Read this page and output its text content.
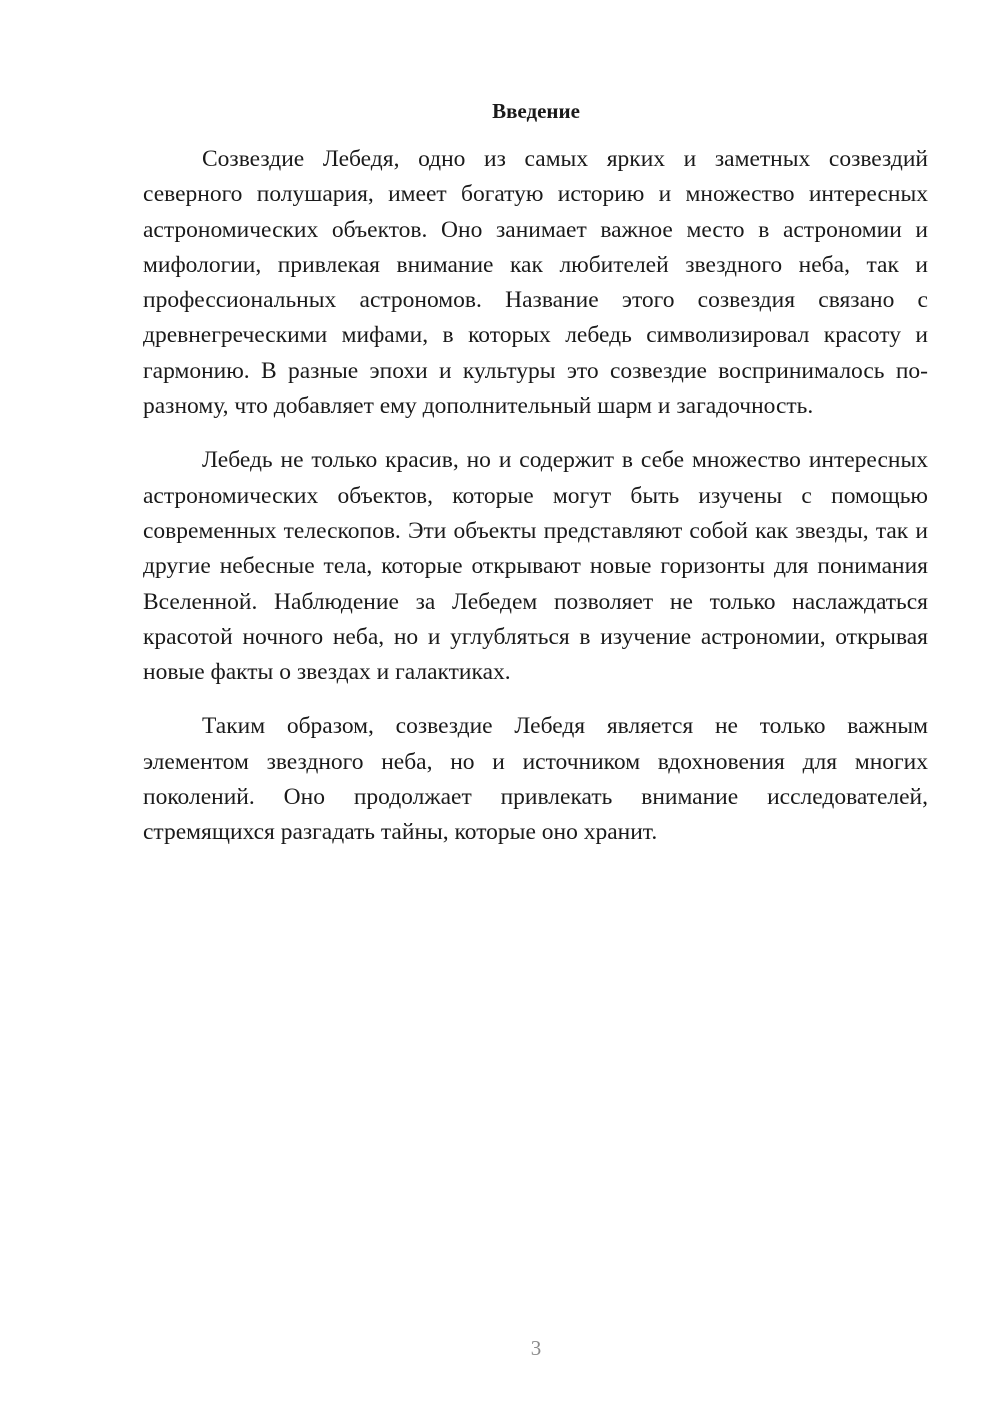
Введение

Созвездие Лебедя, одно из самых ярких и заметных созвездий северного полушария, имеет богатую историю и множество интересных астрономических объектов. Оно занимает важное место в астрономии и мифологии, привлекая внимание как любителей звездного неба, так и профессиональных астрономов. Название этого созвездия связано с древнегреческими мифами, в которых лебедь символизировал красоту и гармонию. В разные эпохи и культуры это созвездие воспринималось по-разному, что добавляет ему дополнительный шарм и загадочность.

Лебедь не только красив, но и содержит в себе множество интересных астрономических объектов, которые могут быть изучены с помощью современных телескопов. Эти объекты представляют собой как звезды, так и другие небесные тела, которые открывают новые горизонты для понимания Вселенной. Наблюдение за Лебедем позволяет не только наслаждаться красотой ночного неба, но и углубляться в изучение астрономии, открывая новые факты о звездах и галактиках.

Таким образом, созвездие Лебедя является не только важным элементом звездного неба, но и источником вдохновения для многих поколений. Оно продолжает привлекать внимание исследователей, стремящихся разгадать тайны, которые оно хранит.

3
